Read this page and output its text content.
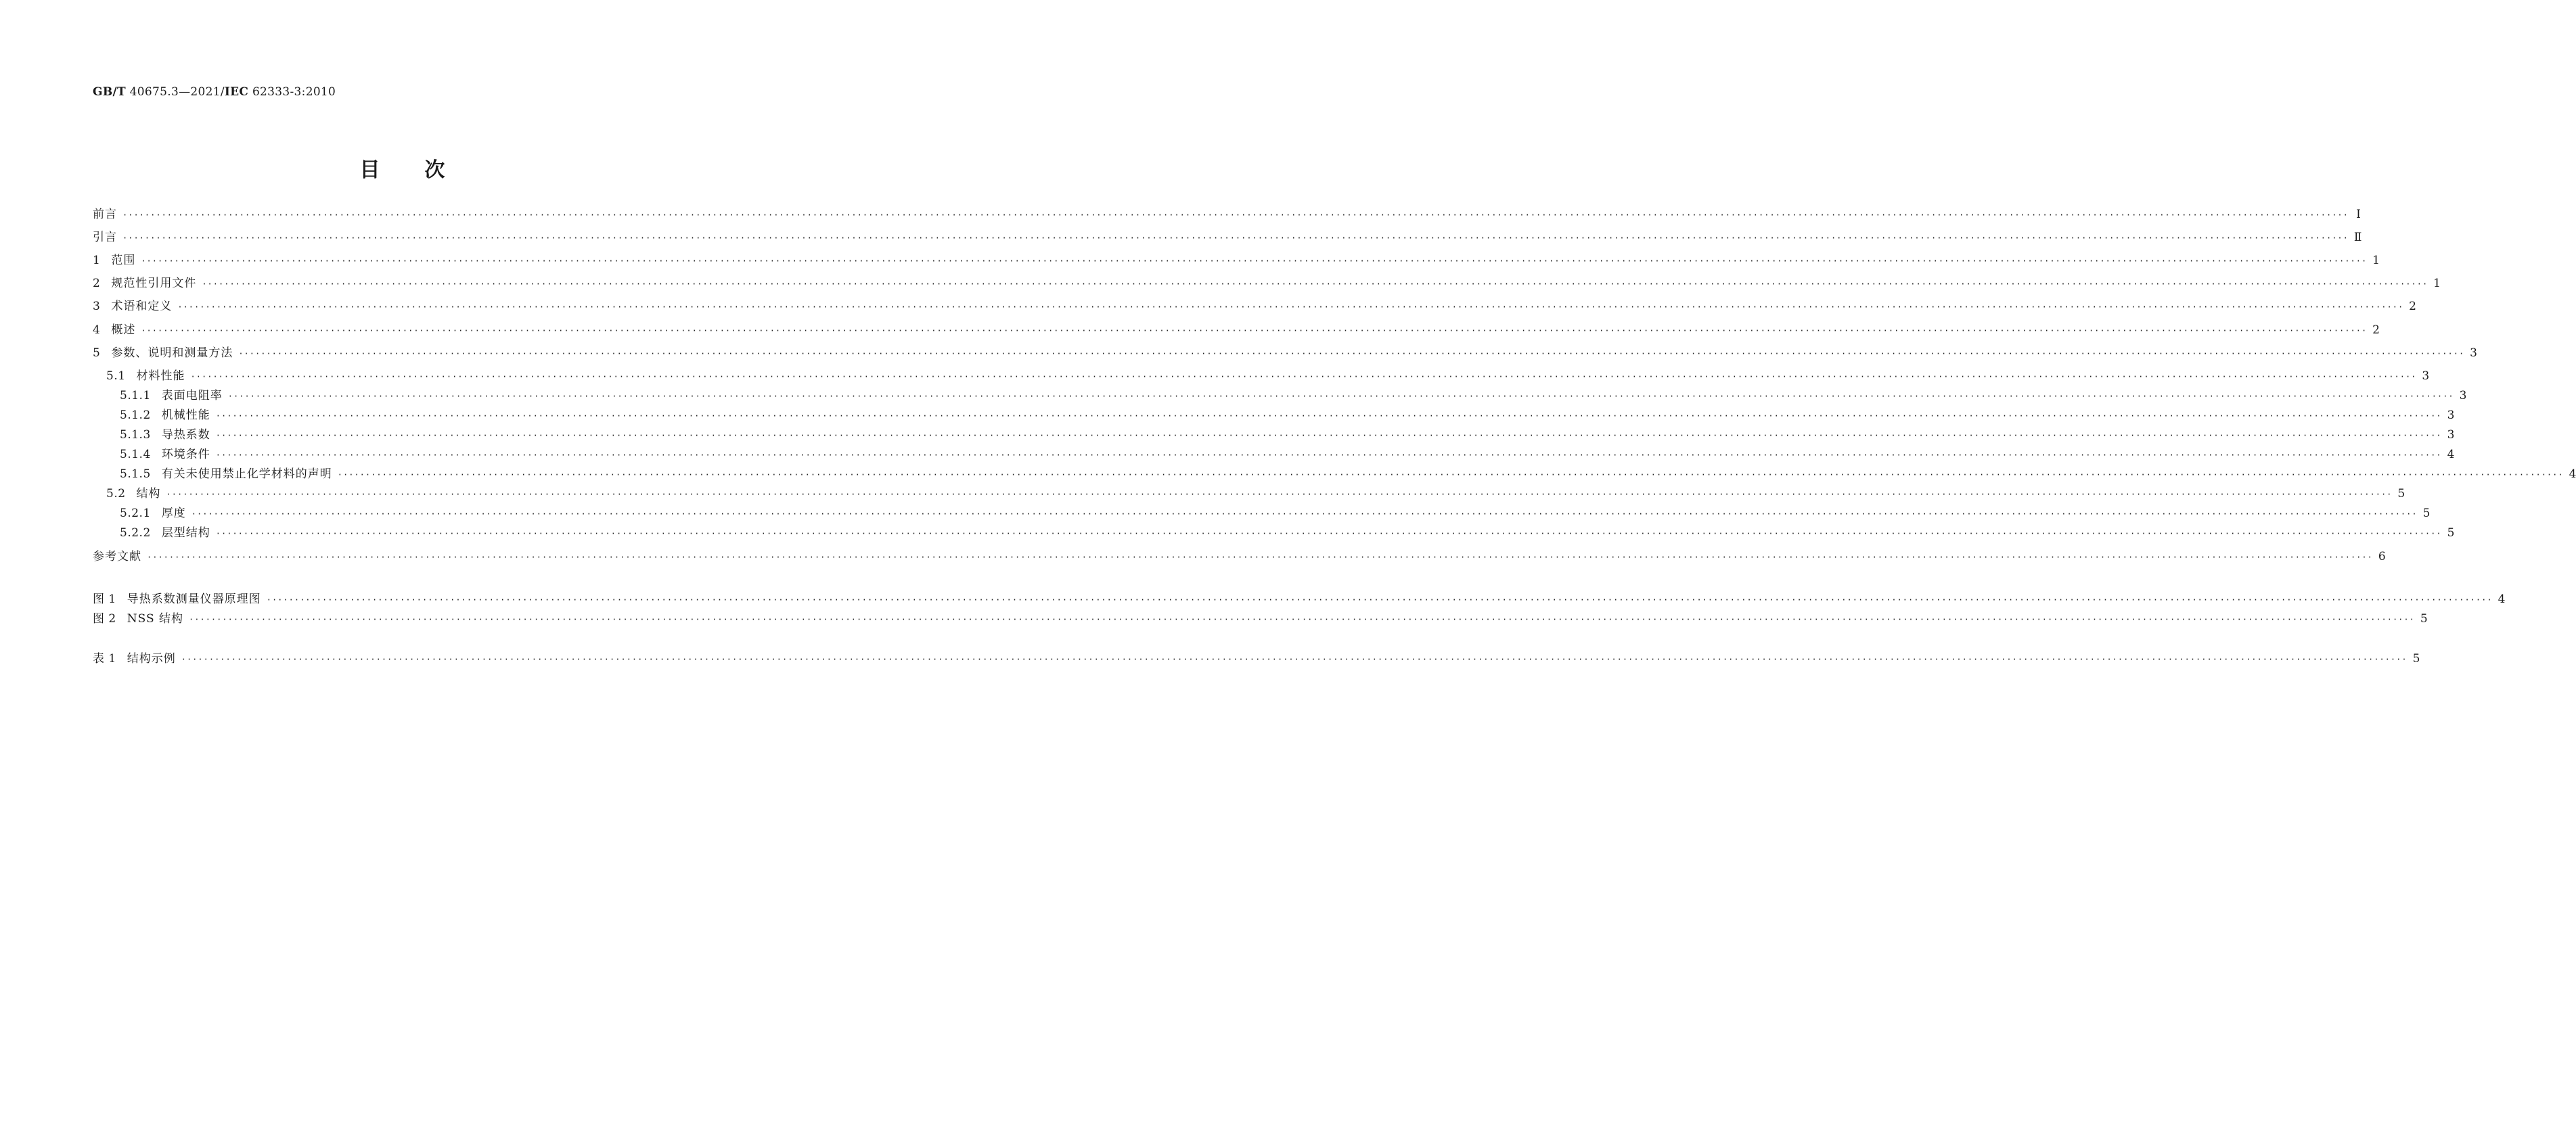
GB/T 40675.3—2021/IEC 62333-3:2010
目 次
前言 ················································································································································································································································································································································································································ Ⅰ
引言 ················································································································································································································································································································································································································ Ⅱ
1 范围 ················································································································································································································································································································································································································ 1
2 规范性引用文件 ················································································································································································································································································································································································································ 1
3 术语和定义 ················································································································································································································································································································································································································ 2
4 概述 ················································································································································································································································································································································································································ 2
5 参数、说明和测量方法 ················································································································································································································································································································································································································ 3
5.1 材料性能 ················································································································································································································································································································································································································ 3
5.1.1 表面电阻率 ················································································································································································································································································································································································································ 3
5.1.2 机械性能 ················································································································································································································································································································································································································ 3
5.1.3 导热系数 ················································································································································································································································································································································································································ 3
5.1.4 环境条件 ················································································································································································································································································································································································································ 4
5.1.5 有关未使用禁止化学材料的声明 ················································································································································································································································································································································································································ 4
5.2 结构 ················································································································································································································································································································································································································ 5
5.2.1 厚度 ················································································································································································································································································································································································································ 5
5.2.2 层型结构 ················································································································································································································································································································································································································ 5
参考文献 ················································································································································································································································································································································································································ 6
图 1 导热系数测量仪器原理图 ················································································································································································································································································································································································································ 4
图 2 NSS 结构 ················································································································································································································································································································································································································ 5
表 1 结构示例 ················································································································································································································································································································································································································ 5
